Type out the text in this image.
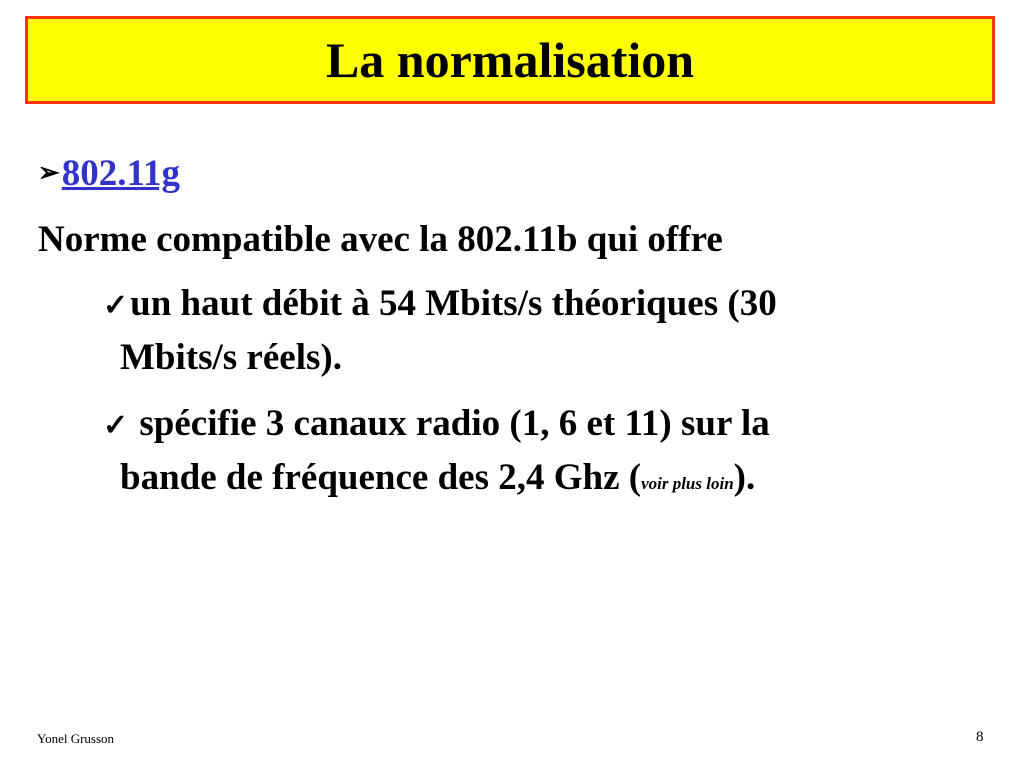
La normalisation
➢802.11g
Norme compatible avec la 802.11b qui offre
✓un haut débit à 54 Mbits/s théoriques (30
Mbits/s réels).
✓ spécifie 3 canaux radio (1, 6 et 11) sur la
bande de fréquence des 2,4 Ghz (voir plus loin).
Yonel Grusson	8
